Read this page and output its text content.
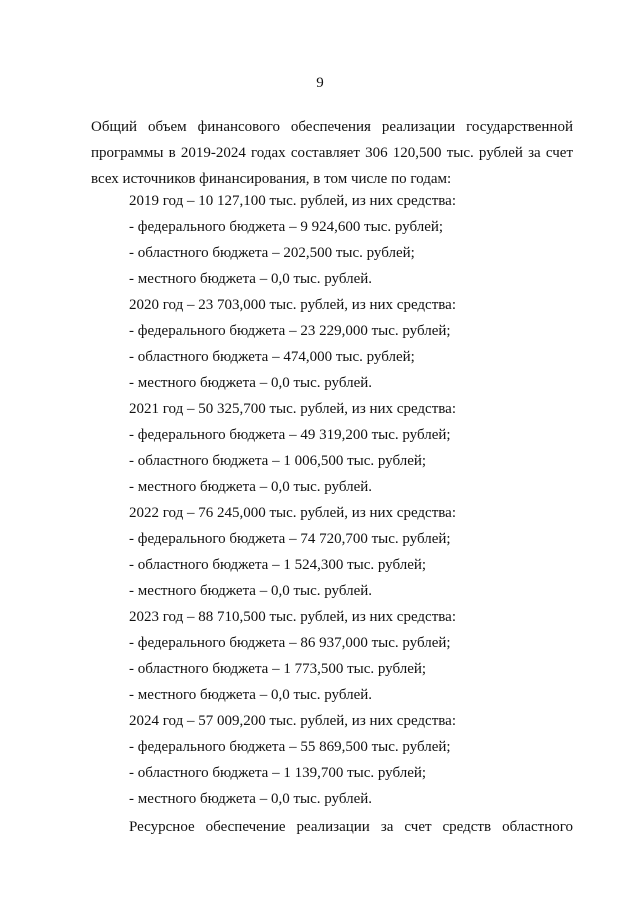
9
Общий объем финансового обеспечения реализации государственной
программы в 2019-2024 годах составляет 306 120,500 тыс. рублей за счет
всех источников финансирования, в том числе по годам:
2019 год – 10 127,100 тыс. рублей, из них средства:
- федерального бюджета – 9 924,600 тыс. рублей;
- областного бюджета – 202,500 тыс. рублей;
- местного бюджета – 0,0 тыс. рублей.
2020 год – 23 703,000 тыс. рублей, из них средства:
- федерального бюджета – 23 229,000 тыс. рублей;
- областного бюджета – 474,000 тыс. рублей;
- местного бюджета – 0,0 тыс. рублей.
2021 год – 50 325,700 тыс. рублей, из них средства:
- федерального бюджета – 49 319,200 тыс. рублей;
- областного бюджета – 1 006,500 тыс. рублей;
- местного бюджета – 0,0 тыс. рублей.
2022 год – 76 245,000 тыс. рублей, из них средства:
- федерального бюджета – 74 720,700 тыс. рублей;
- областного бюджета – 1 524,300 тыс. рублей;
- местного бюджета – 0,0 тыс. рублей.
2023 год – 88 710,500 тыс. рублей, из них средства:
- федерального бюджета – 86 937,000 тыс. рублей;
- областного бюджета – 1 773,500 тыс. рублей;
- местного бюджета – 0,0 тыс. рублей.
2024 год – 57 009,200 тыс. рублей, из них средства:
- федерального бюджета – 55 869,500 тыс. рублей;
- областного бюджета – 1 139,700 тыс. рублей;
- местного бюджета – 0,0 тыс. рублей.
Ресурсное обеспечение реализации за счет средств областного
